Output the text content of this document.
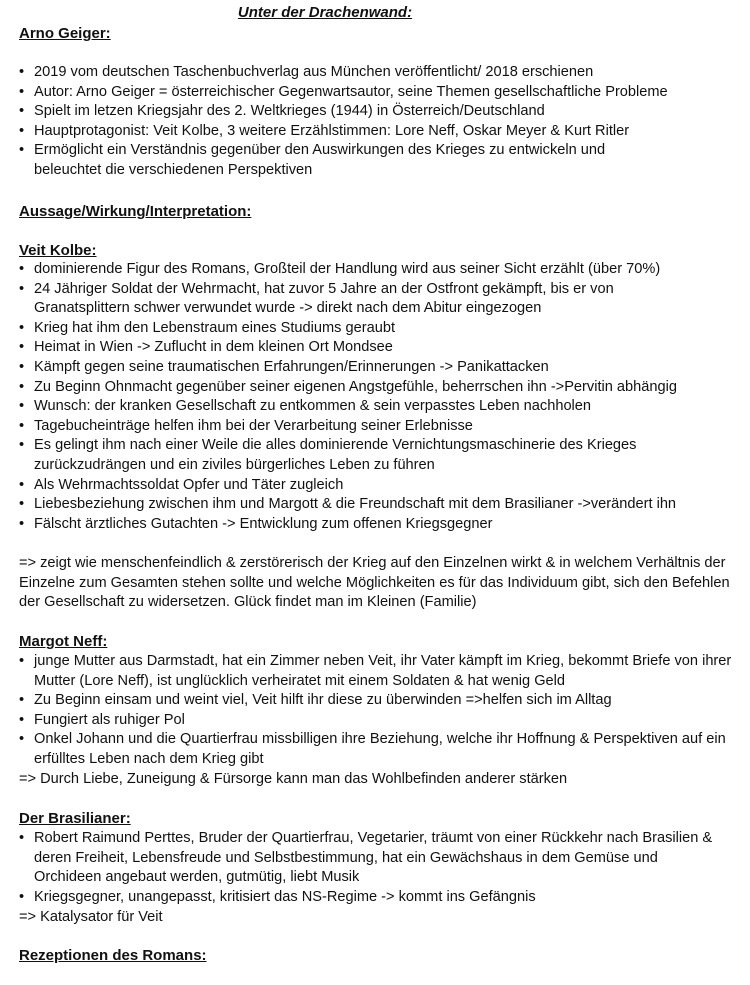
Unter der Drachenwand:
Arno Geiger:
• 2019 vom deutschen Taschenbuchverlag aus München veröffentlicht/ 2018 erschienen
• Autor: Arno Geiger = österreichischer Gegenwartsautor, seine Themen gesellschaftliche Probleme
• Spielt im letzen Kriegsjahr des 2. Weltkrieges (1944) in Österreich/Deutschland
• Hauptprotagonist: Veit Kolbe, 3 weitere Erzählstimmen: Lore Neff, Oskar Meyer & Kurt Ritler
• Ermöglicht ein Verständnis gegenüber den Auswirkungen des Krieges zu entwickeln und beleuchtet die verschiedenen Perspektiven
Aussage/Wirkung/Interpretation:
Veit Kolbe:
• dominierende Figur des Romans, Großteil der Handlung wird aus seiner Sicht erzählt (über 70%)
• 24 Jähriger Soldat der Wehrmacht, hat zuvor 5 Jahre an der Ostfront gekämpft, bis er von Granatsplittern schwer verwundet wurde -> direkt nach dem Abitur eingezogen
• Krieg hat ihm den Lebenstraum eines Studiums geraubt
• Heimat in Wien -> Zuflucht in dem kleinen Ort Mondsee
• Kämpft gegen seine traumatischen Erfahrungen/Erinnerungen -> Panikattacken
• Zu Beginn Ohnmacht gegenüber seiner eigenen Angstgefühle, beherrschen ihn ->Pervitin abhängig
• Wunsch: der kranken Gesellschaft zu entkommen & sein verpasstes Leben nachholen
• Tagebucheinträge helfen ihm bei der Verarbeitung seiner Erlebnisse
• Es gelingt ihm nach einer Weile die alles dominierende Vernichtungsmaschinerie des Krieges zurückzudrängen und ein ziviles bürgerliches Leben zu führen
• Als Wehrmachtssoldat Opfer und Täter zugleich
• Liebesbeziehung zwischen ihm und Margott & die Freundschaft mit dem Brasilianer ->verändert ihn
• Fälscht ärztliches Gutachten -> Entwicklung zum offenen Kriegsgegner

=> zeigt wie menschenfeindlich & zerstörerisch der Krieg auf den Einzelnen wirkt & in welchem Verhältnis der Einzelne zum Gesamten stehen sollte und welche Möglichkeiten es für das Individuum gibt, sich den Befehlen der Gesellschaft zu widersetzen. Glück findet man im Kleinen (Familie)

Margot Neff:
• junge Mutter aus Darmstadt, hat ein Zimmer neben Veit, ihr Vater kämpft im Krieg, bekommt Briefe von ihrer Mutter (Lore Neff), ist unglücklich verheiratet mit einem Soldaten & hat wenig Geld
• Zu Beginn einsam und weint viel, Veit hilft ihr diese zu überwinden =>helfen sich im Alltag
• Fungiert als ruhiger Pol
• Onkel Johann und die Quartierfrau missbilligen ihre Beziehung, welche ihr Hoffnung & Perspektiven auf ein erfülltes Leben nach dem Krieg gibt

=> Durch Liebe, Zuneigung & Fürsorge kann man das Wohlbefinden anderer stärken

Der Brasilianer:
• Robert Raimund Perttes, Bruder der Quartierfrau, Vegetarier, träumt von einer Rückkehr nach Brasilien & deren Freiheit, Lebensfreude und Selbstbestimmung, hat ein Gewächshaus in dem Gemüse und Orchideen angebaut werden, gutmütig, liebt Musik
• Kriegsgegner, unangepasst, kritisiert das NS-Regime -> kommt ins Gefängnis

=> Katalysator für Veit

Rezeptionen des Romans:
